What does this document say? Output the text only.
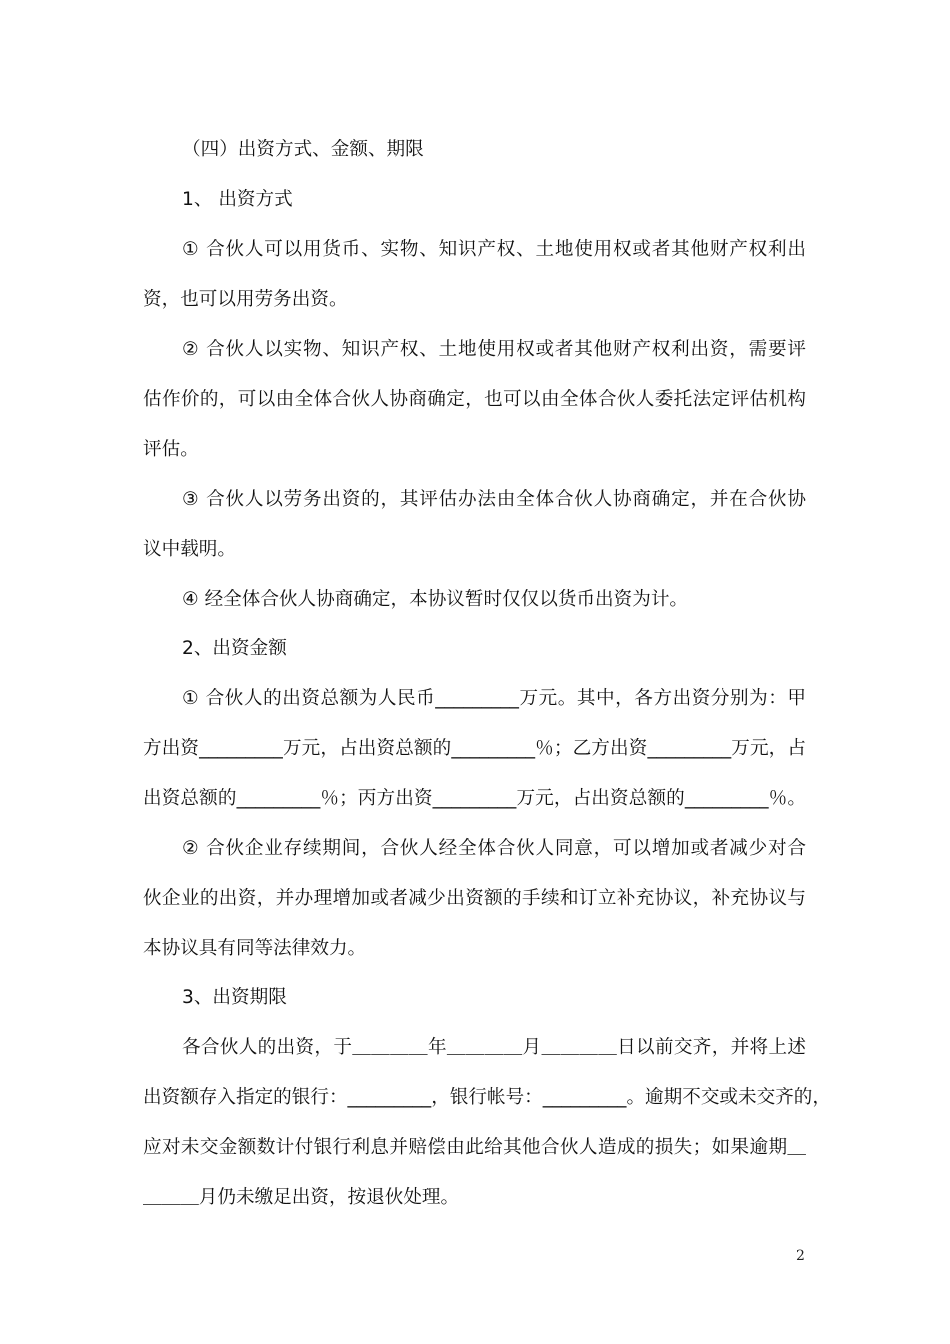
（四）出资方式、金额、期限
1、 出资方式
① 合伙人可以用货币、实物、知识产权、土地使用权或者其他财产权利出
资，也可以用劳务出资。
② 合伙人以实物、知识产权、土地使用权或者其他财产权利出资，需要评
估作价的，可以由全体合伙人协商确定，也可以由全体合伙人委托法定评估机构
评估。
③ 合伙人以劳务出资的，其评估办法由全体合伙人协商确定，并在合伙协
议中载明。
④ 经全体合伙人协商确定，本协议暂时仅仅以货币出资为计。
2、出资金额
① 合伙人的出资总额为人民币_________万元。其中，各方出资分别为：甲
方出资_________万元，占出资总额的_________％；乙方出资_________万元，占
出资总额的_________％；丙方出资_________万元，占出资总额的_________％。
② 合伙企业存续期间，合伙人经全体合伙人同意，可以增加或者减少对合
伙企业的出资，并办理增加或者减少出资额的手续和订立补充协议，补充协议与
本协议具有同等法律效力。
3、出资期限
各合伙人的出资，于＿＿＿＿年＿＿＿＿月＿＿＿＿日以前交齐，并将上述
出资额存入指定的银行：_________，银行帐号：_________。逾期不交或未交齐的，
应对未交金额数计付银行利息并赔偿由此给其他合伙人造成的损失；如果逾期＿
＿＿＿月仍未缴足出资，按退伙处理。
2
